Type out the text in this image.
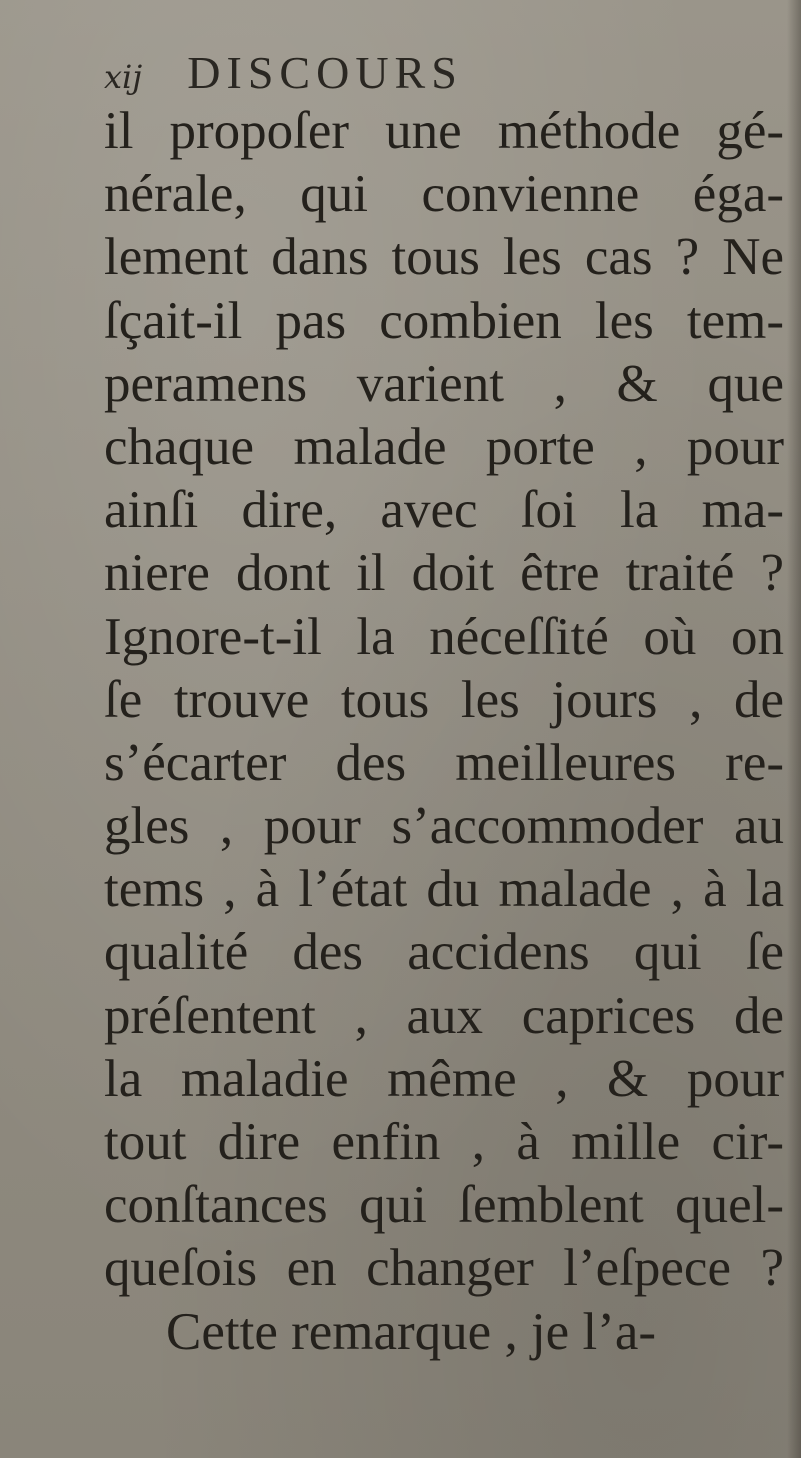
xij DISCOURS
il propoſer une méthode gé-
nérale, qui convienne éga-
lement dans tous les cas ? Ne
ſçait-il pas combien les tem-
peramens varient , & que
chaque malade porte , pour
ainſi dire, avec ſoi la ma-
niere dont il doit être traité ?
Ignore-t-il la néceſſité où on
ſe trouve tous les jours , de
s’écarter des meilleures re-
gles , pour s’accommoder au
tems , à l’état du malade , à la
qualité des accidens qui ſe
préſentent , aux caprices de
la maladie même , & pour
tout dire enfin , à mille cir-
conſtances qui ſemblent quel-
queſois en changer l’eſpece ?
Cette remarque , je l’a-
